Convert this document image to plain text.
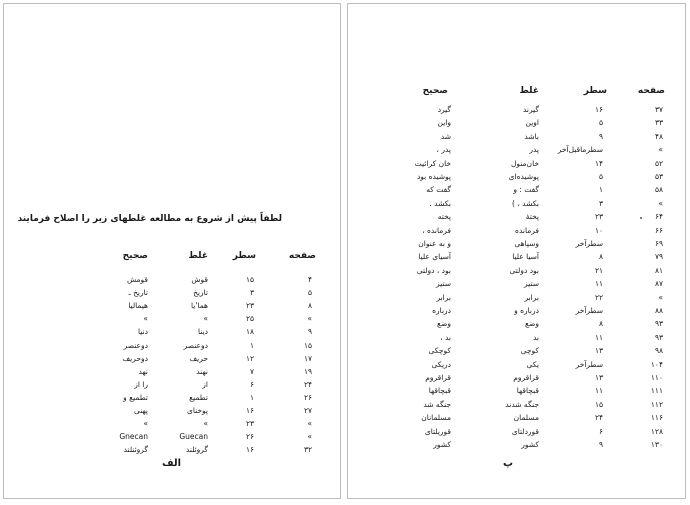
لطفاً پیش از شروع به مطالعه غلطهای زیر را اصلاح فرمایند
صفحه
سطر
غلط
صحیح
۴
۱۵
قوش
قومش
۵
۳
تاریخ
تاریخ ـ
۸
۲۳
هما'یا
هیمالیا
»
۲۵
»
»
۹
۱۸
دینا
دنیا
۱۵
۱
دوعنصر
دوعنصر
۱۷
۱۲
حریف
دوحریف
۱۹
۷
نهند
نهد
۲۴
۶
از
را از
۲۶
۱
تطمیع
تطمیع و
۲۷
۱۶
پوخنای
پهنی
»
۲۳
»
»
»
۲۶
Guecan
Gnecan
۳۲
۱۶
گروئلند
گروئنلند
الف
صفحه
سطر
غلط
صحیح
۳۷
۱۶
گیرند
گیرد
۳۳
۵
اوین
واین
۴۸
۹
باشد
شد
»
سطرماقبل‌آخر
پدر
پدر ،
۵۲
۱۴
خان‌منول
خان کرائیت
۵۳
۵
پوشیده‌ای
پوشیده بود
۵۸
۱
گفت : و
گفت که
»
۳
بکشد ، )
بکشد .
۶۴
۲۳
پختهٔ
پخته
۶۶
۱۰
فرمانده
فرمانده ،
۶۹
سطرآخر
وسپاهی
و به عنوان
۷۹
۸
آسیا علیا
آسیای علیا
۸۱
۲۱
بود دولتی
بود ، دولتی
۸۷
۱۱
ستیز
ستیز
»
۲۲
برابر
برابر
۸۸
سطرآخر
درباره و
درباره
۹۳
۸
وضع
وضع
۹۳
۱۱
بد
بد ،
۹۸
۱۳
کوچی
کوچکی
۱۰۴
سطرآخر
یکی
دریکی
۱۱۰
۱۳
قراقروم
قراقروم
۱۱۱
۱۱
قبچاقها
قبچاقها
۱۱۲
۱۵
جنگه شدند
جنگه شد
۱۱۶
۲۴
مسلمان
مسلمانان
۱۲۸
۶
قوردلتای
قوریلتای
۱۳۰
۹
کشور
کشور
پ
